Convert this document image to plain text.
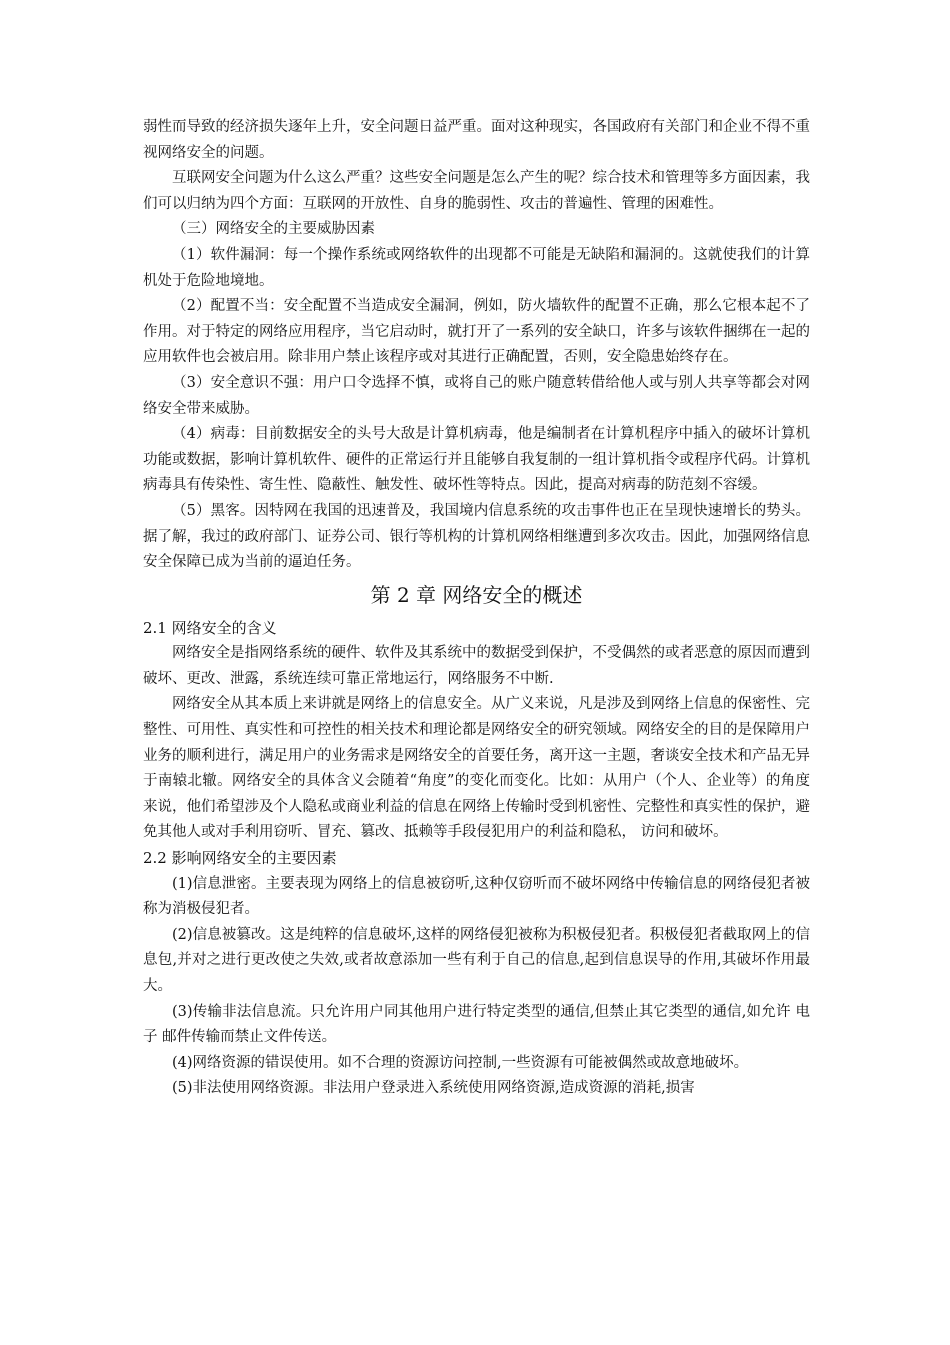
弱性而导致的经济损失逐年上升，安全问题日益严重。面对这种现实，各国政府有关部门和企业不得不重视网络安全的问题。

互联网安全问题为什么这么严重？这些安全问题是怎么产生的呢？综合技术和管理等多方面因素，我们可以归纳为四个方面：互联网的开放性、自身的脆弱性、攻击的普遍性、管理的困难性。

（三）网络安全的主要威胁因素

（1）软件漏洞：每一个操作系统或网络软件的出现都不可能是无缺陷和漏洞的。这就使我们的计算机处于危险地境地。

（2）配置不当：安全配置不当造成安全漏洞，例如，防火墙软件的配置不正确，那么它根本起不了作用。对于特定的网络应用程序，当它启动时，就打开了一系列的安全缺口，许多与该软件捆绑在一起的应用软件也会被启用。除非用户禁止该程序或对其进行正确配置，否则，安全隐患始终存在。

（3）安全意识不强：用户口令选择不慎，或将自己的账户随意转借给他人或与别人共享等都会对网络安全带来威胁。

（4）病毒：目前数据安全的头号大敌是计算机病毒，他是编制者在计算机程序中插入的破坏计算机功能或数据，影响计算机软件、硬件的正常运行并且能够自我复制的一组计算机指令或程序代码。计算机病毒具有传染性、寄生性、隐蔽性、触发性、破坏性等特点。因此，提高对病毒的防范刻不容缓。

（5）黑客。因特网在我国的迅速普及，我国境内信息系统的攻击事件也正在呈现快速增长的势头。据了解，我过的政府部门、证券公司、银行等机构的计算机网络相继遭到多次攻击。因此，加强网络信息安全保障已成为当前的逼迫任务。

第 2 章 网络安全的概述
2.1 网络安全的含义

网络安全是指网络系统的硬件、软件及其系统中的数据受到保护，不受偶然的或者恶意的原因而遭到破坏、更改、泄露，系统连续可靠正常地运行，网络服务不中断.

网络安全从其本质上来讲就是网络上的信息安全。从广义来说，凡是涉及到网络上信息的保密性、完整性、可用性、真实性和可控性的相关技术和理论都是网络安全的研究领域。网络安全的目的是保障用户业务的顺利进行，满足用户的业务需求是网络安全的首要任务，离开这一主题，奢谈安全技术和产品无异于南辕北辙。网络安全的具体含义会随着“角度”的变化而变化。比如：从用户（个人、企业等）的角度来说，他们希望涉及个人隐私或商业利益的信息在网络上传输时受到机密性、完整性和真实性的保护，避免其他人或对手利用窃听、冒充、篡改、抵赖等手段侵犯用户的利益和隐私， 访问和破坏。

2.2 影响网络安全的主要因素

(1)信息泄密。主要表现为网络上的信息被窃听,这种仅窃听而不破坏网络中传输信息的网络侵犯者被称为消极侵犯者。

(2)信息被篡改。这是纯粹的信息破坏,这样的网络侵犯被称为积极侵犯者。积极侵犯者截取网上的信息包,并对之进行更改使之失效,或者故意添加一些有利于自己的信息,起到信息误导的作用,其破坏作用最大。

(3)传输非法信息流。只允许用户同其他用户进行特定类型的通信,但禁止其它类型的通信,如允许 电子 邮件传输而禁止文件传送。

(4)网络资源的错误使用。如不合理的资源访问控制,一些资源有可能被偶然或故意地破坏。

(5)非法使用网络资源。非法用户登录进入系统使用网络资源,造成资源的消耗,损害
